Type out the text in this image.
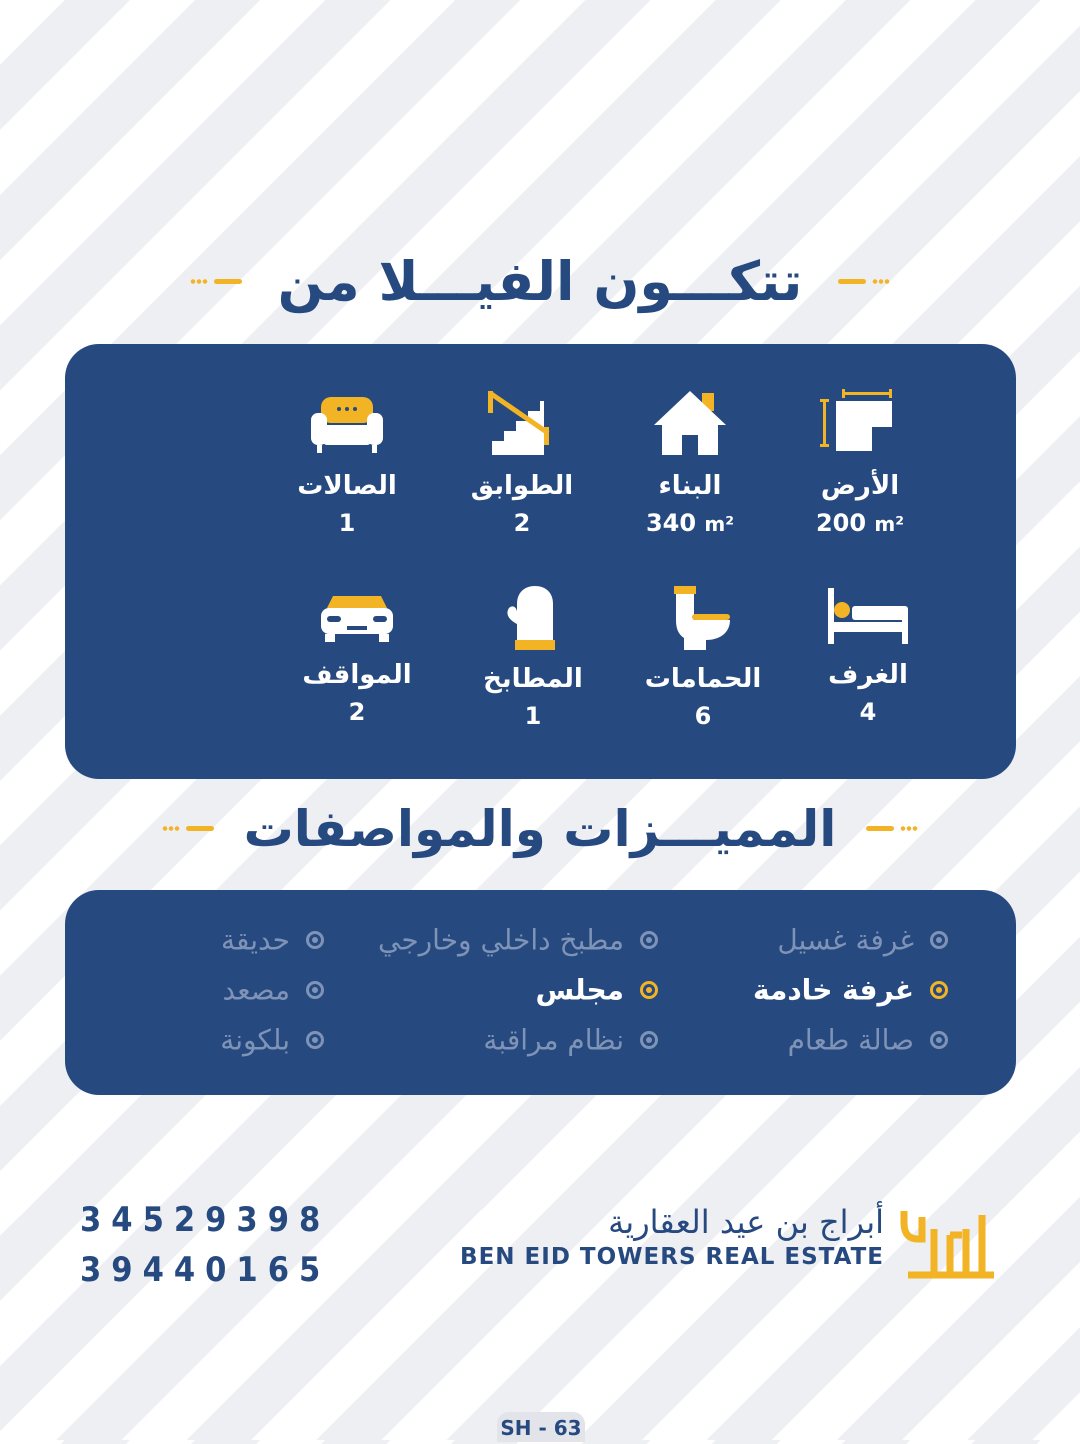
تتكـــون الفيـــلا من
الأرض
200 m²
البناء
340 m²
الطوابق
2
الصالات
1
الغرف
4
الحمامات
6
المطابخ
1
المواقف
2
المميـــزات والمواصفات
غرفة غسيل
مطبخ داخلي وخارجي
حديقة
غرفة خادمة
مجلس
مصعد
صالة طعام
نظام مراقبة
بلكونة
34529398
39440165
أبراج بن عيد العقارية
BEN EID TOWERS REAL ESTATE
SH - 63
